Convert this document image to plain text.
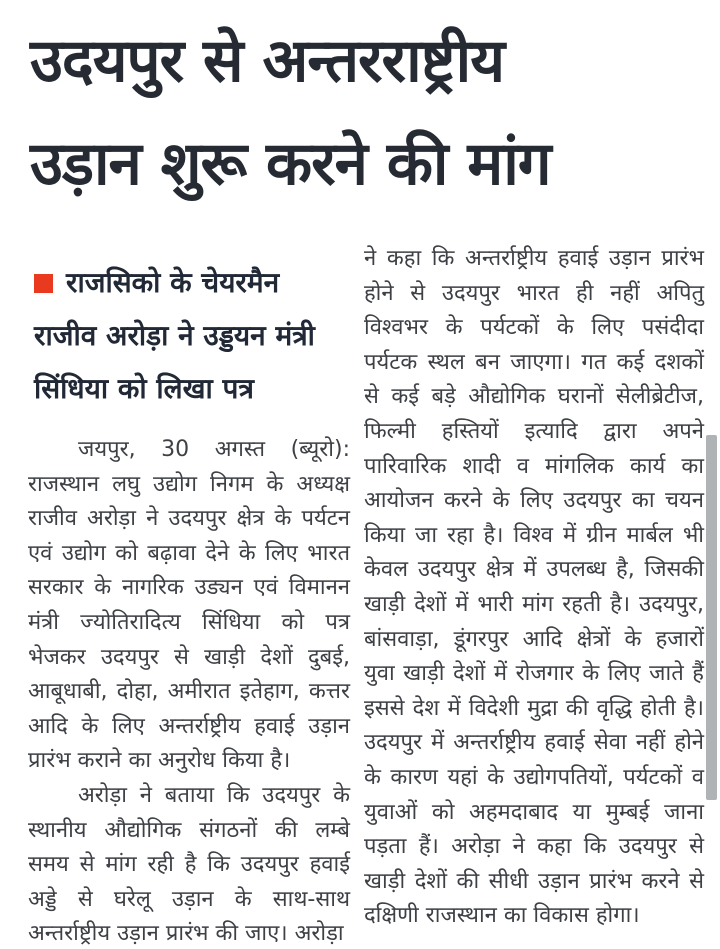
उदयपुर से अन्तरराष्ट्रीय
उड़ान शुरू करने की मांग
राजसिको के चेयरमैन राजीव अरोड़ा ने उड्डयन मंत्री सिंधिया को लिखा पत्र

जयपुर, 30 अगस्त (ब्यूरो): राजस्थान लघु उद्योग निगम के अध्यक्ष राजीव अरोड़ा ने उदयपुर क्षेत्र के पर्यटन एवं उद्योग को बढ़ावा देने के लिए भारत सरकार के नागरिक उड्यन एवं विमानन मंत्री ज्योतिरादित्य सिंधिया को पत्र भेजकर उदयपुर से खाड़ी देशों दुबई, आबूधाबी, दोहा, अमीरात इतेहाग, कत्तर आदि के लिए अन्तर्राष्ट्रीय हवाई उड़ान प्रारंभ कराने का अनुरोध किया है।

अरोड़ा ने बताया कि उदयपुर के स्थानीय औद्योगिक संगठनों की लम्बे समय से मांग रही है कि उदयपुर हवाई अड्डे से घरेलू उड़ान के साथ-साथ अन्तर्राष्ट्रीय उड़ान प्रारंभ की जाए। अरोड़ा

ने कहा कि अन्तर्राष्ट्रीय हवाई उड़ान प्रारंभ होने से उदयपुर भारत ही नहीं अपितु विश्वभर के पर्यटकों के लिए पसंदीदा पर्यटक स्थल बन जाएगा। गत कई दशकों से कई बड़े औद्योगिक घरानों सेलीब्रेटीज, फिल्मी हस्तियों इत्यादि द्वारा अपने पारिवारिक शादी व मांगलिक कार्य का आयोजन करने के लिए उदयपुर का चयन किया जा रहा है। विश्व में ग्रीन मार्बल भी केवल उदयपुर क्षेत्र में उपलब्ध है, जिसकी खाड़ी देशों में भारी मांग रहती है। उदयपुर, बांसवाड़ा, डूंगरपुर आदि क्षेत्रों के हजारों युवा खाड़ी देशों में रोजगार के लिए जाते हैं इससे देश में विदेशी मुद्रा की वृद्धि होती है। उदयपुर में अन्तर्राष्ट्रीय हवाई सेवा नहीं होने के कारण यहां के उद्योगपतियों, पर्यटकों व युवाओं को अहमदाबाद या मुम्बई जाना पड़ता हैं। अरोड़ा ने कहा कि उदयपुर से खाड़ी देशों की सीधी उड़ान प्रारंभ करने से दक्षिणी राजस्थान का विकास होगा।
